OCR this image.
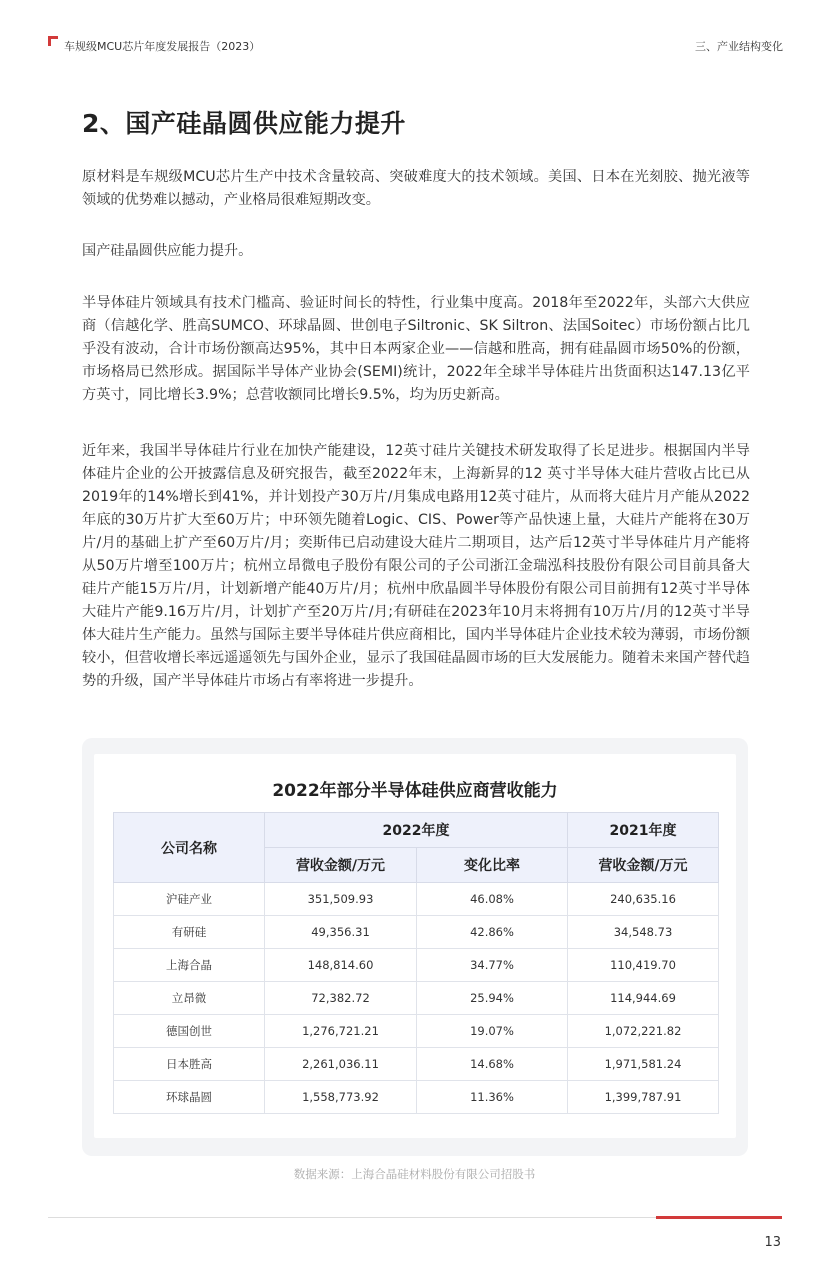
车规级MCU芯片年度发展报告（2023）	三、产业结构变化
2、国产硅晶圆供应能力提升

原材料是车规级MCU芯片生产中技术含量较高、突破难度大的技术领域。美国、日本在光刻胶、抛光液等领域的优势难以撼动，产业格局很难短期改变。

国产硅晶圆供应能力提升。

半导体硅片领域具有技术门槛高、验证时间长的特性，行业集中度高。2018年至2022年，头部六大供应商（信越化学、胜高SUMCO、环球晶圆、世创电子Siltronic、SK Siltron、法国Soitec）市场份额占比几乎没有波动，合计市场份额高达95%，其中日本两家企业——信越和胜高，拥有硅晶圆市场50%的份额，市场格局已然形成。据国际半导体产业协会(SEMI)统计，2022年全球半导体硅片出货面积达147.13亿平方英寸，同比增长3.9%；总营收额同比增长9.5%，均为历史新高。

近年来，我国半导体硅片行业在加快产能建设，12英寸硅片关键技术研发取得了长足进步。根据国内半导体硅片企业的公开披露信息及研究报告，截至2022年末，上海新昇的12 英寸半导体大硅片营收占比已从2019年的14%增长到41%，并计划投产30万片/月集成电路用12英寸硅片，从而将大硅片月产能从2022年底的30万片扩大至60万片；中环领先随着Logic、CIS、Power等产品快速上量，大硅片产能将在30万片/月的基础上扩产至60万片/月；奕斯伟已启动建设大硅片二期项目，达产后12英寸半导体硅片月产能将从50万片增至100万片；杭州立昂微电子股份有限公司的子公司浙江金瑞泓科技股份有限公司目前具备大硅片产能15万片/月，计划新增产能40万片/月；杭州中欣晶圆半导体股份有限公司目前拥有12英寸半导体大硅片产能9.16万片/月，计划扩产至20万片/月;有研硅在2023年10月末将拥有10万片/月的12英寸半导体大硅片生产能力。虽然与国际主要半导体硅片供应商相比，国内半导体硅片企业技术较为薄弱，市场份额较小，但营收增长率远遥遥领先与国外企业，显示了我国硅晶圆市场的巨大发展能力。随着未来国产替代趋势的升级，国产半导体硅片市场占有率将进一步提升。

2022年部分半导体硅供应商营收能力
公司名称	2022年度		2021年度
	营收金额/万元	变化比率	营收金额/万元
沪硅产业	351,509.93	46.08%	240,635.16
有研硅	49,356.31	42.86%	34,548.73
上海合晶	148,814.60	34.77%	110,419.70
立昂微	72,382.72	25.94%	114,944.69
德国创世	1,276,721.21	19.07%	1,072,221.82
日本胜高	2,261,036.11	14.68%	1,971,581.24
环球晶圆	1,558,773.92	11.36%	1,399,787.91
数据来源：上海合晶硅材料股份有限公司招股书
13
